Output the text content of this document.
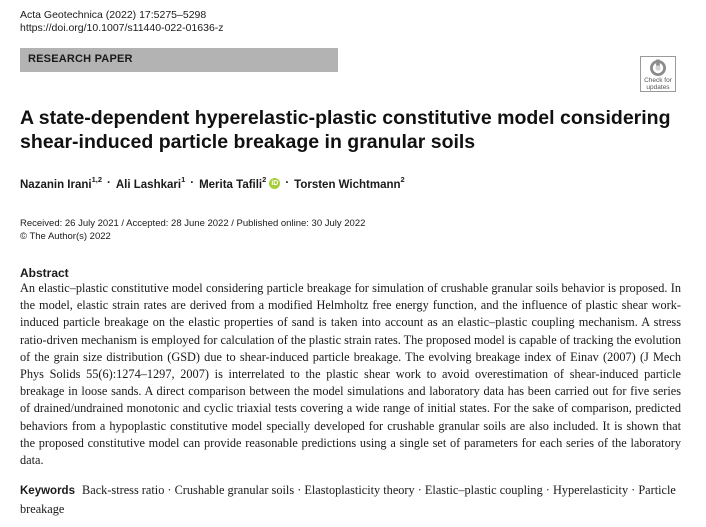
Acta Geotechnica (2022) 17:5275–5298
https://doi.org/10.1007/s11440-022-01636-z
RESEARCH PAPER
Check for
updates
A state-dependent hyperelastic-plastic constitutive model considering shear-induced particle breakage in granular soils
Nazanin Irani$^{1,2}$ · Ali Lashkari$^1$ · Merita Tafili$^2$ iD · Torsten Wichtmann$^2$
Received: 26 July 2021 / Accepted: 28 June 2022 / Published online: 30 July 2022
© The Author(s) 2022
Abstract
An elastic–plastic constitutive model considering particle breakage for simulation of crushable granular soils behavior is proposed. In the model, elastic strain rates are derived from a modified Helmholtz free energy function, and the influence of plastic shear work-induced particle breakage on the elastic properties of sand is taken into account as an elastic–plastic coupling mechanism. A stress ratio-driven mechanism is employed for calculation of the plastic strain rates. The proposed model is capable of tracking the evolution of the grain size distribution (GSD) due to shear-induced particle breakage. The evolving breakage index of Einav (2007) (J Mech Phys Solids 55(6):1274–1297, 2007) is interrelated to the plastic shear work to avoid overestimation of shear-induced particle breakage in loose sands. A direct comparison between the model simulations and laboratory data has been carried out for five series of drained/undrained monotonic and cyclic triaxial tests covering a wide range of initial states. For the sake of comparison, predicted behaviors from a hypoplastic constitutive model specially developed for crushable granular soils are also included. It is shown that the proposed constitutive model can provide reasonable predictions using a single set of parameters for each series of the laboratory data.
Keywords Back-stress ratio · Crushable granular soils · Elastoplasticity theory · Elastic–plastic coupling · Hyperelasticity · Particle breakage
